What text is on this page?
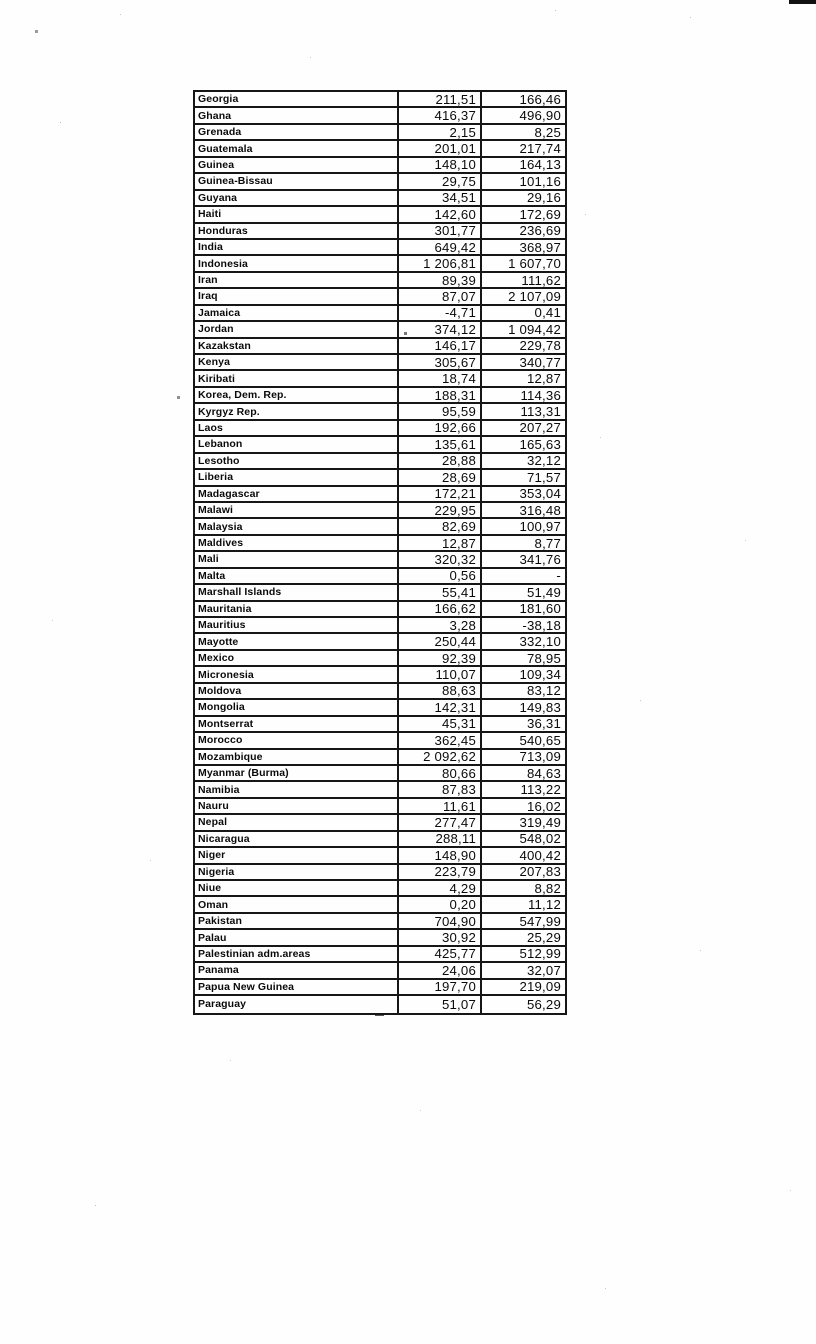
Georgia	211,51	166,46
Ghana	416,37	496,90
Grenada	2,15	8,25
Guatemala	201,01	217,74
Guinea	148,10	164,13
Guinea-Bissau	29,75	101,16
Guyana	34,51	29,16
Haiti	142,60	172,69
Honduras	301,77	236,69
India	649,42	368,97
Indonesia	1 206,81	1 607,70
Iran	89,39	111,62
Iraq	87,07	2 107,09
Jamaica	-4,71	0,41
Jordan	374,12	1 094,42
Kazakstan	146,17	229,78
Kenya	305,67	340,77
Kiribati	18,74	12,87
Korea, Dem. Rep.	188,31	114,36
Kyrgyz Rep.	95,59	113,31
Laos	192,66	207,27
Lebanon	135,61	165,63
Lesotho	28,88	32,12
Liberia	28,69	71,57
Madagascar	172,21	353,04
Malawi	229,95	316,48
Malaysia	82,69	100,97
Maldives	12,87	8,77
Mali	320,32	341,76
Malta	0,56	-
Marshall Islands	55,41	51,49
Mauritania	166,62	181,60
Mauritius	3,28	-38,18
Mayotte	250,44	332,10
Mexico	92,39	78,95
Micronesia	110,07	109,34
Moldova	88,63	83,12
Mongolia	142,31	149,83
Montserrat	45,31	36,31
Morocco	362,45	540,65
Mozambique	2 092,62	713,09
Myanmar (Burma)	80,66	84,63
Namibia	87,83	113,22
Nauru	11,61	16,02
Nepal	277,47	319,49
Nicaragua	288,11	548,02
Niger	148,90	400,42
Nigeria	223,79	207,83
Niue	4,29	8,82
Oman	0,20	11,12
Pakistan	704,90	547,99
Palau	30,92	25,29
Palestinian adm.areas	425,77	512,99
Panama	24,06	32,07
Papua New Guinea	197,70	219,09
Paraguay	51,07	56,29
